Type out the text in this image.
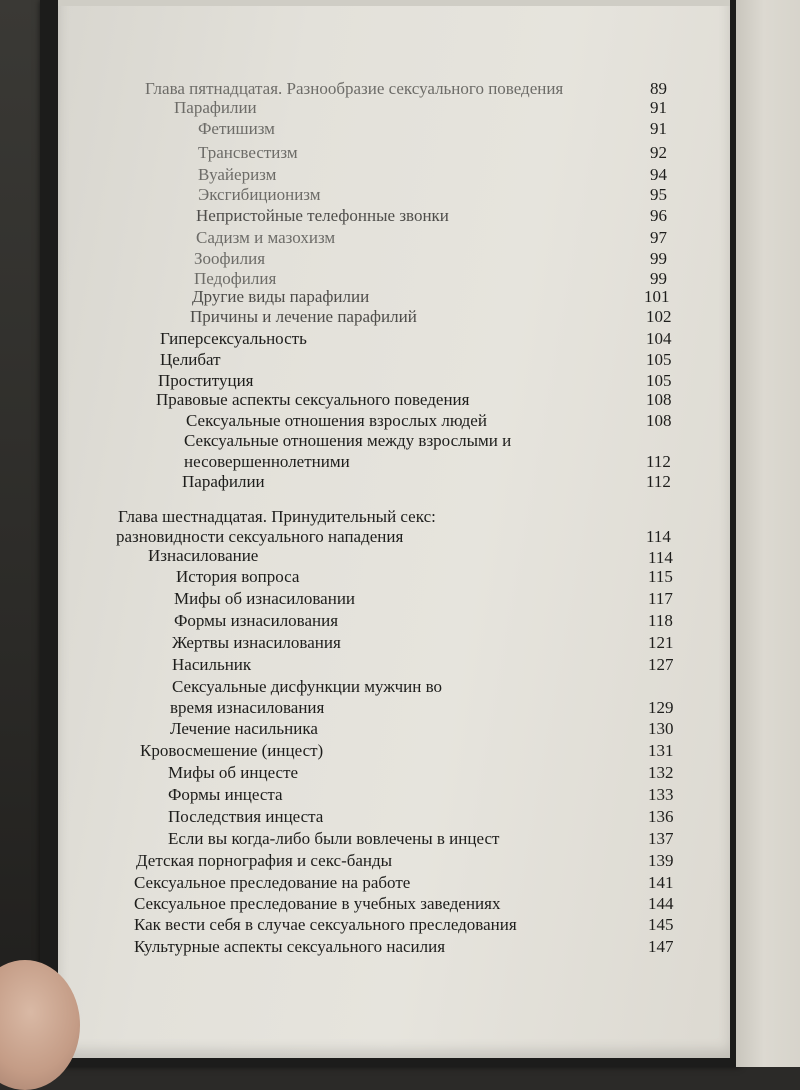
Глава пятнадцатая. Разнообразие сексуального поведения	89
Парафилии	91
Фетишизм	91
Трансвестизм	92
Вуайеризм	94
Эксгибиционизм	95
Непристойные телефонные звонки	96
Садизм и мазохизм	97
Зоофилия	99
Педофилия	99
Другие виды парафилии	101
Причины и лечение парафилий	102
Гиперсексуальность	104
Целибат	105
Проституция	105
Правовые аспекты сексуального поведения	108
Сексуальные отношения взрослых людей	108
Сексуальные отношения между взрослыми и
несовершеннолетними	112
Парафилии	112
Глава шестнадцатая. Принудительный секс:
разновидности сексуального нападения	114
Изнасилование	114
История вопроса	115
Мифы об изнасиловании	117
Формы изнасилования	118
Жертвы изнасилования	121
Насильник	127
Сексуальные дисфункции мужчин во
время изнасилования	129
Лечение насильника	130
Кровосмешение (инцест)	131
Мифы об инцесте	132
Формы инцеста	133
Последствия инцеста	136
Если вы когда-либо были вовлечены в инцест	137
Детская порнография и секс-банды	139
Сексуальное преследование на работе	141
Сексуальное преследование в учебных заведениях	144
Как вести себя в случае сексуального преследования	145
Культурные аспекты сексуального насилия	147
